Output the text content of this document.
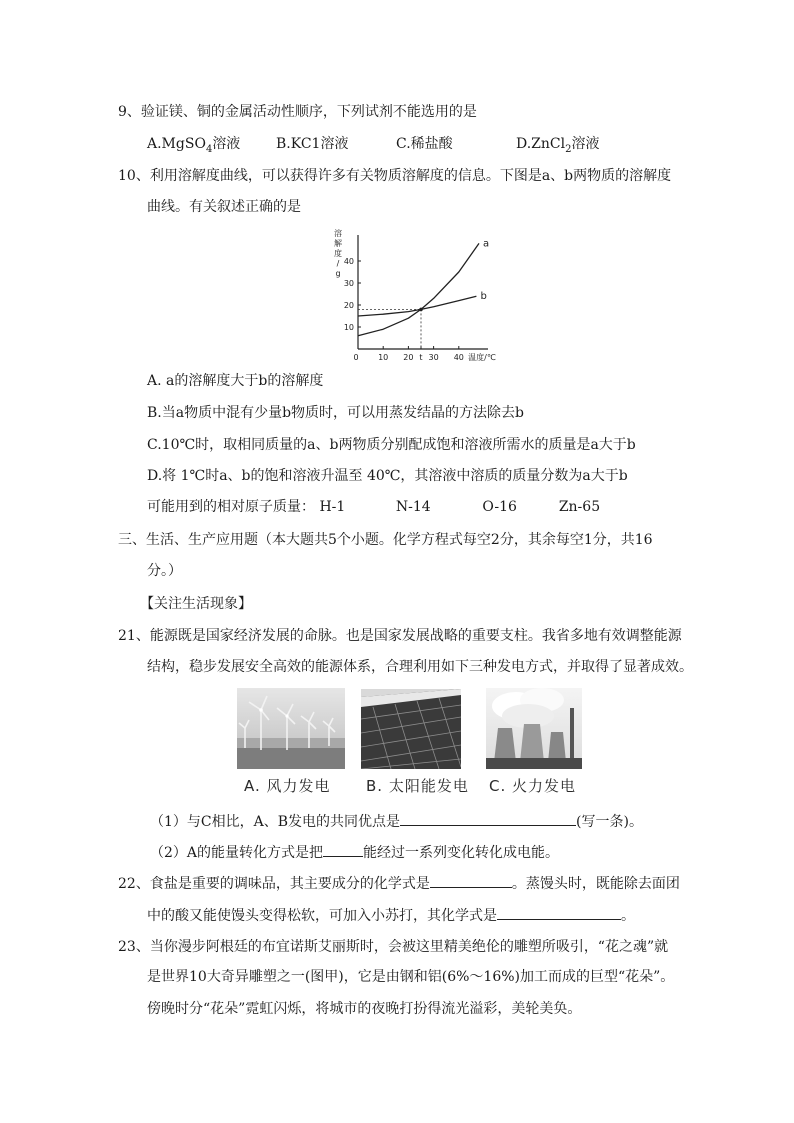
9、验证镁、铜的金属活动性顺序，下列试剂不能选用的是
A.MgSO$_4$溶液	B.KC1溶液	C.稀盐酸	D.ZnCl$_2$溶液
10、利用溶解度曲线，可以获得许多有关物质溶解度的信息。下图是a、b两物质的溶解度
曲线。有关叙述正确的是
0 10 20 t 30 40
10
20
30
40
溶
解
度
/
g
温度/℃
a
b
A. a的溶解度大于b的溶解度
B.当a物质中混有少量b物质时，可以用蒸发结晶的方法除去b
C.10℃时，取相同质量的a、b两物质分别配成饱和溶液所需水的质量是a大于b
D.将 1℃时a、b的饱和溶液升温至 40℃，其溶液中溶质的质量分数为a大于b
可能用到的相对原子质量： H-1	N-14	O-16	Zn-65
三、生活、生产应用题（本大题共5个小题。化学方程式每空2分，其余每空1分，共16
分。）
【关注生活现象】
21、能源既是国家经济发展的命脉。也是国家发展战略的重要支柱。我省多地有效调整能源
结构，稳步发展安全高效的能源体系，合理利用如下三种发电方式，并取得了显著成效。
A. 风力发电 B. 太阳能发电 C. 火力发电
（1）与C相比，A、B发电的共同优点是	(写一条)。
（2）A的能量转化方式是把	能经过一系列变化转化成电能。
22、食盐是重要的调味品，其主要成分的化学式是	。蒸馒头时，既能除去面团
中的酸又能使馒头变得松软，可加入小苏打，其化学式是	。
23、当你漫步阿根廷的布宜诺斯艾丽斯时，会被这里精美绝伦的雕塑所吸引，“花之魂”就
是世界10大奇异雕塑之一(图甲)，它是由钢和铝(6%～16%)加工而成的巨型“花朵”。
傍晚时分“花朵”霓虹闪烁，将城市的夜晚打扮得流光溢彩，美轮美奂。
